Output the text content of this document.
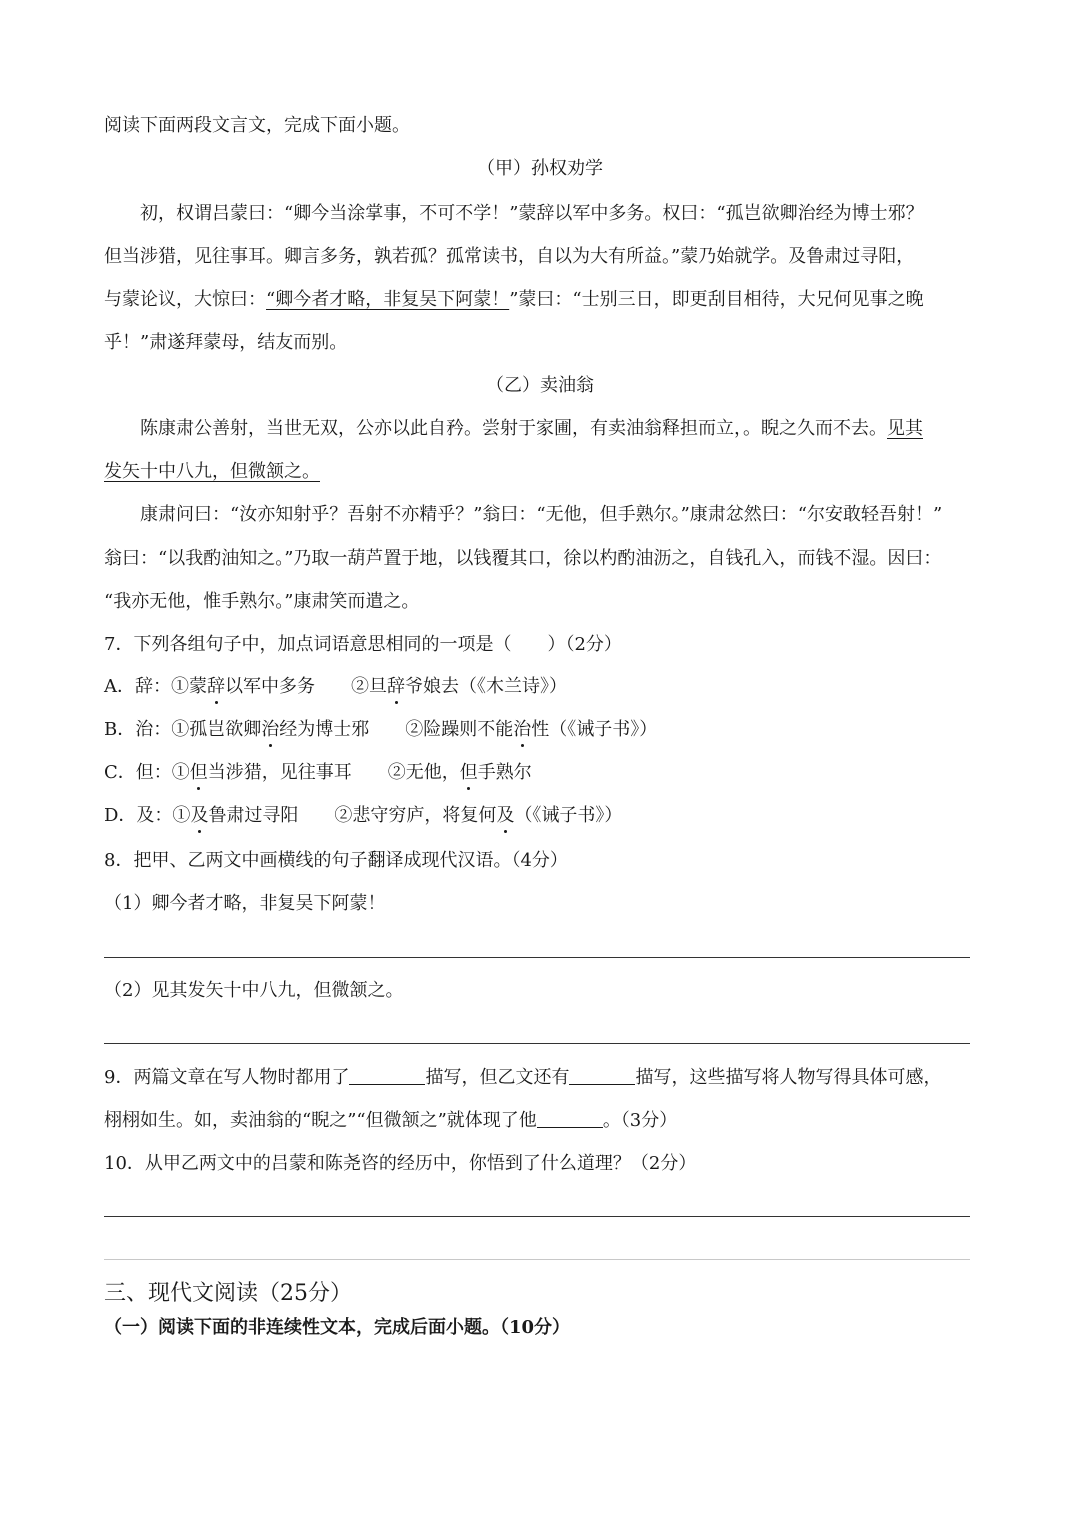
阅读下面两段文言文，完成下面小题。
（甲）孙权劝学
初，权谓吕蒙曰：“卿今当涂掌事，不可不学！”蒙辞以军中多务。权曰：“孤岂欲卿治经为博士邪？
但当涉猎，见往事耳。卿言多务，孰若孤？孤常读书，自以为大有所益。”蒙乃始就学。及鲁肃过寻阳，
与蒙论议，大惊曰：“卿今者才略，非复吴下阿蒙！”蒙曰：“士别三日，即更刮目相待，大兄何见事之晚
乎！”肃遂拜蒙母，结友而别。
（乙）卖油翁
陈康肃公善射，当世无双，公亦以此自矜。尝射于家圃，有卖油翁释担而立，。睨之久而不去。见其
发矢十中八九，但微颔之。
康肃问曰：“汝亦知射乎？吾射不亦精乎？”翁曰：“无他，但手熟尔。”康肃忿然曰：“尔安敢轻吾射！”
翁曰：“以我酌油知之。”乃取一葫芦置于地，以钱覆其口，徐以杓酌油沥之，自钱孔入，而钱不湿。因曰：
“我亦无他，惟手熟尔。”康肃笑而遣之。
7．下列各组句子中，加点词语意思相同的一项是（　　）（2分）
A．辞：①蒙辞以军中多务　　②旦辞爷娘去（《木兰诗》）
B．治：①孤岂欲卿治经为博士邪　　②险躁则不能治性（《诫子书》）
C．但：①但当涉猎，见往事耳　　②无他，但手熟尔
D．及：①及鲁肃过寻阳　　②悲守穷庐，将复何及（《诫子书》）
8．把甲、乙两文中画横线的句子翻译成现代汉语。（4分）
（1）卿今者才略，非复吴下阿蒙！
（2）见其发矢十中八九，但微颔之。
9．两篇文章在写人物时都用了	描写，但乙文还有	描写，这些描写将人物写得具体可感，
栩栩如生。如，卖油翁的“睨之”“但微颔之”就体现了他	。（3分）
10．从甲乙两文中的吕蒙和陈尧咨的经历中，你悟到了什么道理？（2分）
三、现代文阅读（25分）
（一）阅读下面的非连续性文本，完成后面小题。（10分）
